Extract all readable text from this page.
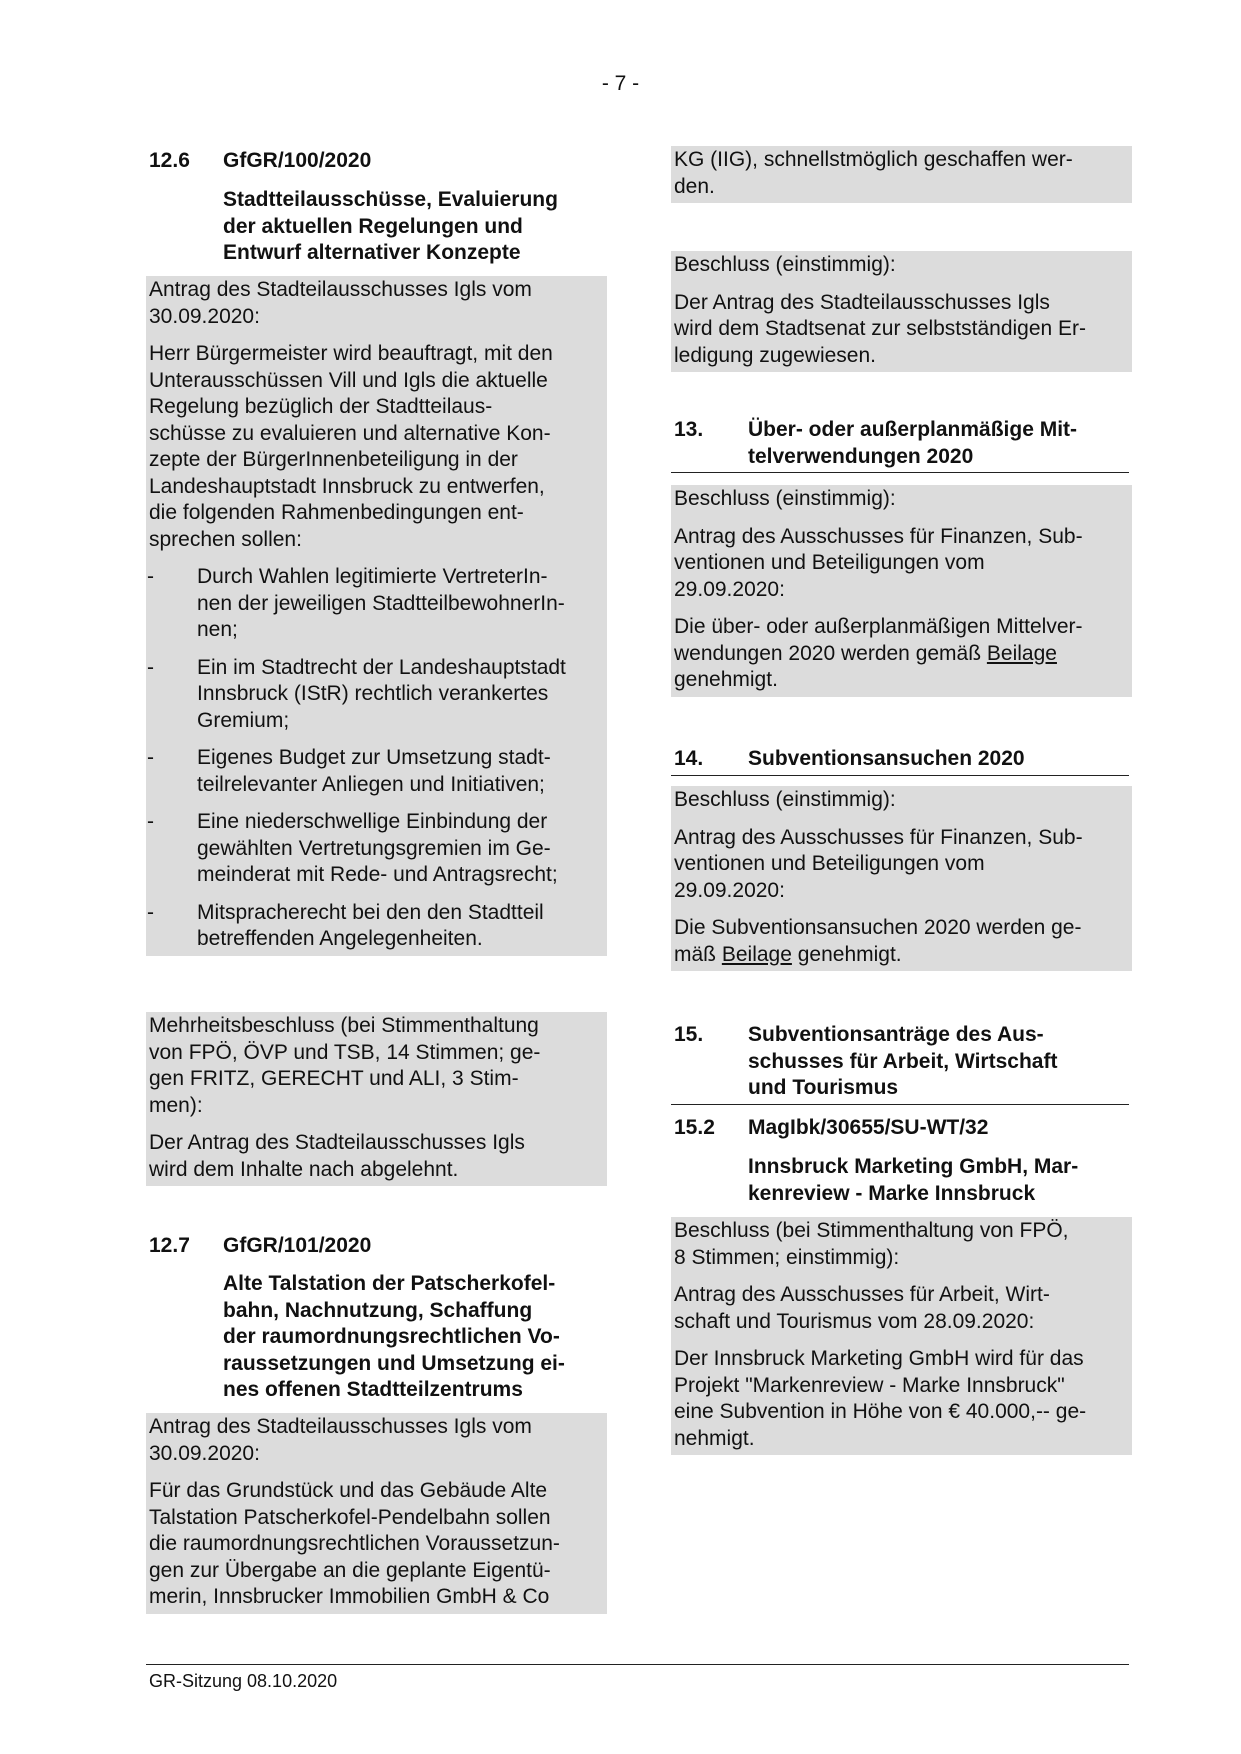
- 7 -
12.6	GfGR/100/2020
Stadtteilausschüsse, Evaluierung
der aktuellen Regelungen und
Entwurf alternativer Konzepte

Antrag des Stadteilausschusses Igls vom
30.09.2020:

Herr Bürgermeister wird beauftragt, mit den
Unterausschüssen Vill und Igls die aktuelle
Regelung bezüglich der Stadtteilaus-
schüsse zu evaluieren und alternative Kon-
zepte der BürgerInnenbeteiligung in der
Landeshauptstadt Innsbruck zu entwerfen,
die folgenden Rahmenbedingungen ent-
sprechen sollen:

- Durch Wahlen legitimierte VertreterIn-
nen der jeweiligen StadtteilbewohnerIn-
nen;
- Ein im Stadtrecht der Landeshauptstadt
Innsbruck (IStR) rechtlich verankertes
Gremium;
- Eigenes Budget zur Umsetzung stadt-
teilrelevanter Anliegen und Initiativen;
- Eine niederschwellige Einbindung der
gewählten Vertretungsgremien im Ge-
meinderat mit Rede- und Antragsrecht;
- Mitspracherecht bei den den Stadtteil
betreffenden Angelegenheiten.

Mehrheitsbeschluss (bei Stimmenthaltung
von FPÖ, ÖVP und TSB, 14 Stimmen; ge-
gen FRITZ, GERECHT und ALI, 3 Stim-
men):

Der Antrag des Stadteilausschusses Igls
wird dem Inhalte nach abgelehnt.

12.7	GfGR/101/2020
Alte Talstation der Patscherkofel-
bahn, Nachnutzung, Schaffung
der raumordnungsrechtlichen Vo-
raussetzungen und Umsetzung ei-
nes offenen Stadtteilzentrums

Antrag des Stadteilausschusses Igls vom
30.09.2020:

Für das Grundstück und das Gebäude Alte
Talstation Patscherkofel-Pendelbahn sollen
die raumordnungsrechtlichen Voraussetzun-
gen zur Übergabe an die geplante Eigentü-
merin, Innsbrucker Immobilien GmbH & Co

KG (IIG), schnellstmöglich geschaffen wer-
den.

Beschluss (einstimmig):

Der Antrag des Stadteilausschusses Igls
wird dem Stadtsenat zur selbstständigen Er-
ledigung zugewiesen.

13.	Über- oder außerplanmäßige Mit-
telverwendungen 2020

Beschluss (einstimmig):

Antrag des Ausschusses für Finanzen, Sub-
ventionen und Beteiligungen vom
29.09.2020:

Die über- oder außerplanmäßigen Mittelver-
wendungen 2020 werden gemäß Beilage
genehmigt.

14.	Subventionsansuchen 2020

Beschluss (einstimmig):

Antrag des Ausschusses für Finanzen, Sub-
ventionen und Beteiligungen vom
29.09.2020:

Die Subventionsansuchen 2020 werden ge-
mäß Beilage genehmigt.

15.	Subventionsanträge des Aus-
schusses für Arbeit, Wirtschaft
und Tourismus
15.2	MagIbk/30655/SU-WT/32
Innsbruck Marketing GmbH, Mar-
kenreview - Marke Innsbruck

Beschluss (bei Stimmenthaltung von FPÖ,
8 Stimmen; einstimmig):

Antrag des Ausschusses für Arbeit, Wirt-
schaft und Tourismus vom 28.09.2020:

Der Innsbruck Marketing GmbH wird für das
Projekt "Markenreview - Marke Innsbruck"
eine Subvention in Höhe von € 40.000,-- ge-
nehmigt.

GR-Sitzung 08.10.2020
